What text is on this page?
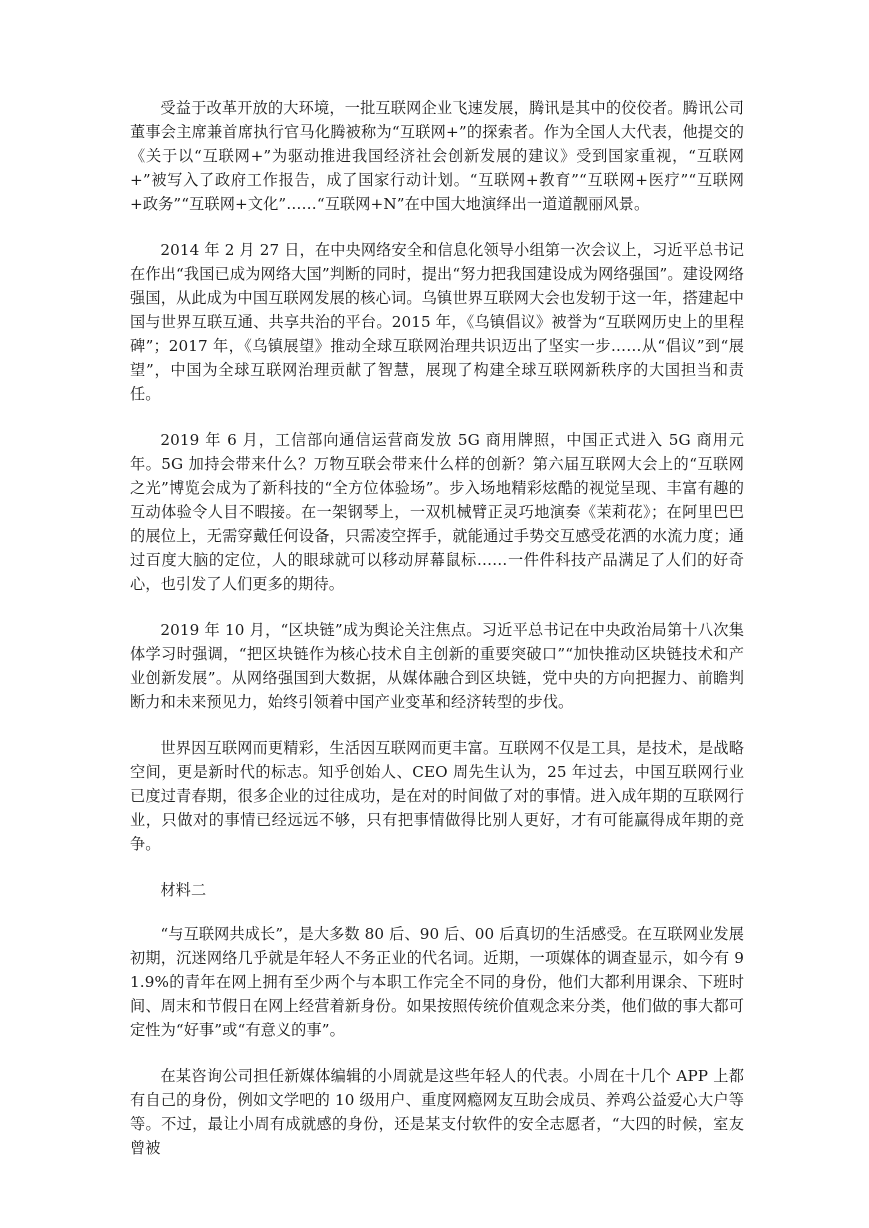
受益于改革开放的大环境，一批互联网企业飞速发展，腾讯是其中的佼佼者。腾讯公司董事会主席兼首席执行官马化腾被称为“互联网+”的探索者。作为全国人大代表，他提交的《关于以“互联网+”为驱动推进我国经济社会创新发展的建议》受到国家重视，“互联网+”被写入了政府工作报告，成了国家行动计划。“互联网+教育”“互联网+医疗”“互联网+政务”“互联网+文化”……“互联网+N”在中国大地演绎出一道道靓丽风景。

2014 年 2 月 27 日，在中央网络安全和信息化领导小组第一次会议上，习近平总书记在作出“我国已成为网络大国”判断的同时，提出“努力把我国建设成为网络强国”。建设网络强国，从此成为中国互联网发展的核心词。乌镇世界互联网大会也发轫于这一年，搭建起中国与世界互联互通、共享共治的平台。2015 年，《乌镇倡议》被誉为“互联网历史上的里程碑”；2017 年，《乌镇展望》推动全球互联网治理共识迈出了坚实一步……从“倡议”到“展望”，中国为全球互联网治理贡献了智慧，展现了构建全球互联网新秩序的大国担当和责任。

2019 年 6 月，工信部向通信运营商发放 5G 商用牌照，中国正式进入 5G 商用元年。5G 加持会带来什么？万物互联会带来什么样的创新？第六届互联网大会上的“互联网之光”博览会成为了新科技的“全方位体验场”。步入场地精彩炫酷的视觉呈现、丰富有趣的互动体验令人目不暇接。在一架钢琴上，一双机械臂正灵巧地演奏《茉莉花》；在阿里巴巴的展位上，无需穿戴任何设备，只需凌空挥手，就能通过手势交互感受花洒的水流力度；通过百度大脑的定位，人的眼球就可以移动屏幕鼠标……一件件科技产品满足了人们的好奇心，也引发了人们更多的期待。

2019 年 10 月，“区块链”成为舆论关注焦点。习近平总书记在中央政治局第十八次集体学习时强调，“把区块链作为核心技术自主创新的重要突破口”“加快推动区块链技术和产业创新发展”。从网络强国到大数据，从媒体融合到区块链，党中央的方向把握力、前瞻判断力和未来预见力，始终引领着中国产业变革和经济转型的步伐。

世界因互联网而更精彩，生活因互联网而更丰富。互联网不仅是工具，是技术，是战略空间，更是新时代的标志。知乎创始人、CEO 周先生认为，25 年过去，中国互联网行业已度过青春期，很多企业的过往成功，是在对的时间做了对的事情。进入成年期的互联网行业，只做对的事情已经远远不够，只有把事情做得比别人更好，才有可能赢得成年期的竞争。

材料二

“与互联网共成长”，是大多数 80 后、90 后、00 后真切的生活感受。在互联网业发展初期，沉迷网络几乎就是年轻人不务正业的代名词。近期，一项媒体的调查显示，如今有 91.9%的青年在网上拥有至少两个与本职工作完全不同的身份，他们大都利用课余、下班时间、周末和节假日在网上经营着新身份。如果按照传统价值观念来分类，他们做的事大都可定性为“好事”或“有意义的事”。

在某咨询公司担任新媒体编辑的小周就是这些年轻人的代表。小周在十几个 APP 上都有自己的身份，例如文学吧的 10 级用户、重度网瘾网友互助会成员、养鸡公益爱心大户等等。不过，最让小周有成就感的身份，还是某支付软件的安全志愿者，“大四的时候，室友曾被
